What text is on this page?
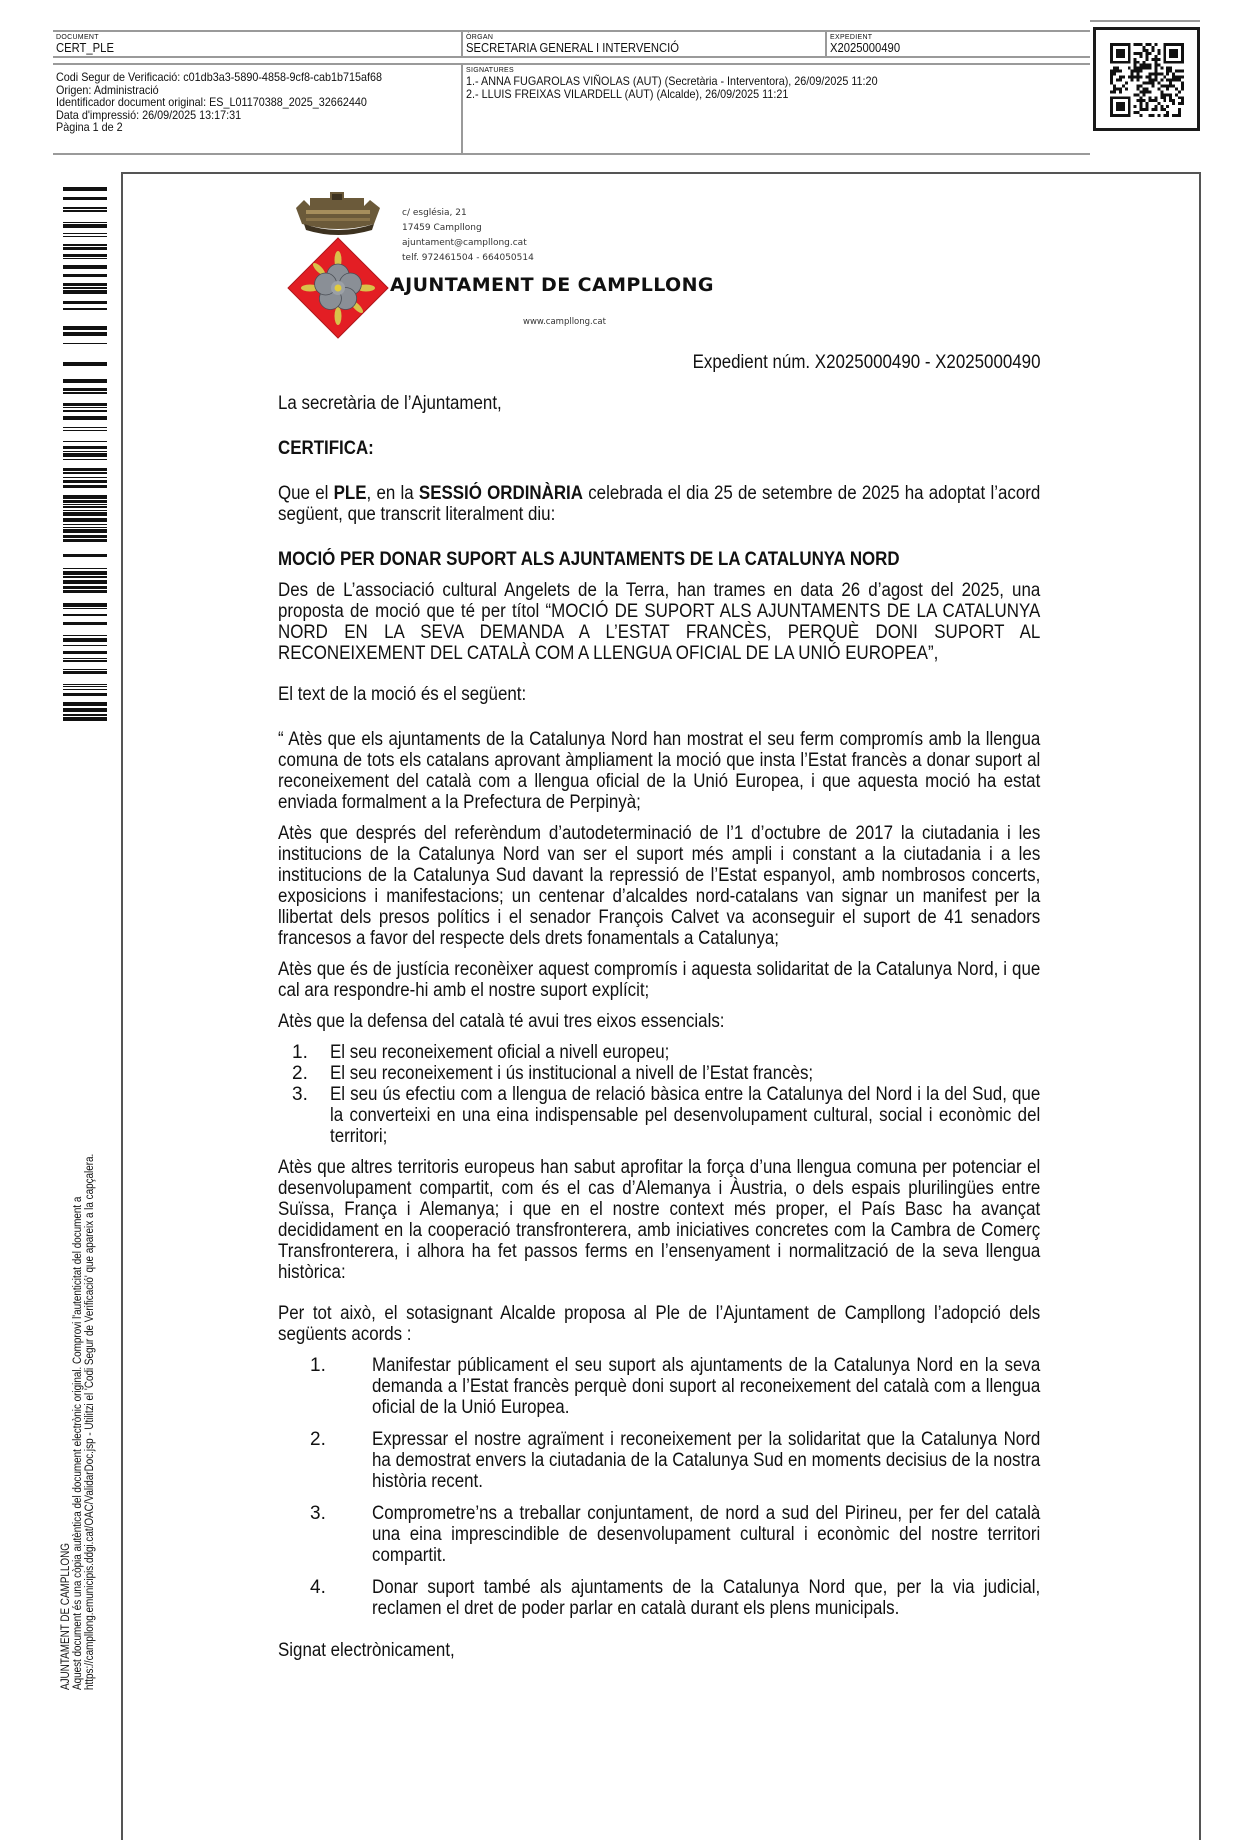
DOCUMENT
CERT_PLE
ÒRGAN
SECRETARIA GENERAL I INTERVENCIÓ
EXPEDIENT
X2025000490
Codi Segur de Verificació: c01db3a3-5890-4858-9cf8-cab1b715af68
Origen: Administració
Identificador document original: ES_L01170388_2025_32662440
Data d'impressió: 26/09/2025 13:17:31
Pàgina 1 de 2
SIGNATURES
1.- ANNA FUGAROLAS VIÑOLAS (AUT) (Secretària - Interventora), 26/09/2025 11:20
2.- LLUIS FREIXAS VILARDELL (AUT) (Alcalde), 26/09/2025 11:21
AJUNTAMENT DE CAMPLLONG Aquest document és una còpia autèntica del document electrònic original. Comprovi l'autenticitat del document a https://campllong.emunicipis.ddgi.cat/OAC/ValidarDoc.jsp - Utilitzi el 'Codi Segur de Verificació' que apareix a la capçalera.
c/ església, 21
17459 Campllong
ajuntament@campllong.cat
telf. 972461504 - 664050514
AJUNTAMENT DE CAMPLLONG
www.campllong.cat
Expedient núm. X2025000490 - X2025000490
La secretària de l’Ajuntament,
CERTIFICA:
Que el PLE, en la SESSIÓ ORDINÀRIA celebrada el dia 25 de setembre de 2025 ha adoptat l’acord següent, que transcrit literalment diu:
MOCIÓ PER DONAR SUPORT ALS AJUNTAMENTS DE LA CATALUNYA NORD
Des de L’associació cultural Angelets de la Terra, han trames en data 26 d’agost del 2025, una proposta de moció que té per títol “MOCIÓ DE SUPORT ALS AJUNTAMENTS DE LA CATALUNYA NORD EN LA SEVA DEMANDA A L’ESTAT FRANCÈS, PERQUÈ DONI SUPORT AL RECONEIXEMENT DEL CATALÀ COM A LLENGUA OFICIAL DE LA UNIÓ EUROPEA”,
El text de la moció és el següent:
“ Atès que els ajuntaments de la Catalunya Nord han mostrat el seu ferm compromís amb la llengua comuna de tots els catalans aprovant àmpliament la moció que insta l’Estat francès a donar suport al reconeixement del català com a llengua oficial de la Unió Europea, i que aquesta moció ha estat enviada formalment a la Prefectura de Perpinyà;
Atès que després del referèndum d’autodeterminació de l’1 d’octubre de 2017 la ciutadania i les institucions de la Catalunya Nord van ser el suport més ampli i constant a la ciutadania i a les institucions de la Catalunya Sud davant la repressió de l’Estat espanyol, amb nombrosos concerts, exposicions i manifestacions; un centenar d’alcaldes nord-catalans van signar un manifest per la llibertat dels presos polítics i el senador François Calvet va aconseguir el suport de 41 senadors francesos a favor del respecte dels drets fonamentals a Catalunya;
Atès que és de justícia reconèixer aquest compromís i aquesta solidaritat de la Catalunya Nord, i que cal ara respondre-hi amb el nostre suport explícit;
Atès que la defensa del català té avui tres eixos essencials:
1.	El seu reconeixement oficial a nivell europeu;
2.	El seu reconeixement i ús institucional a nivell de l’Estat francès;
3.	El seu ús efectiu com a llengua de relació bàsica entre la Catalunya del Nord i la del Sud, que la converteixi en una eina indispensable pel desenvolupament cultural, social i econòmic del territori;
Atès que altres territoris europeus han sabut aprofitar la força d’una llengua comuna per potenciar el desenvolupament compartit, com és el cas d’Alemanya i Àustria, o dels espais plurilingües entre Suïssa, França i Alemanya; i que en el nostre context més proper, el País Basc ha avançat decididament en la cooperació transfronterera, amb iniciatives concretes com la Cambra de Comerç Transfronterera, i alhora ha fet passos ferms en l’ensenyament i normalització de la seva llengua històrica:
Per tot això, el sotasignant Alcalde proposa al Ple de l’Ajuntament de Campllong l’adopció dels següents acords :
1.	Manifestar públicament el seu suport als ajuntaments de la Catalunya Nord en la seva demanda a l’Estat francès perquè doni suport al reconeixement del català com a llengua oficial de la Unió Europea.
2.	Expressar el nostre agraïment i reconeixement per la solidaritat que la Catalunya Nord ha demostrat envers la ciutadania de la Catalunya Sud en moments decisius de la nostra història recent.
3.	Comprometre’ns a treballar conjuntament, de nord a sud del Pirineu, per fer del català una eina imprescindible de desenvolupament cultural i econòmic del nostre territori compartit.
4.	Donar suport també als ajuntaments de la Catalunya Nord que, per la via judicial, reclamen el dret de poder parlar en català durant els plens municipals.
Signat electrònicament,
